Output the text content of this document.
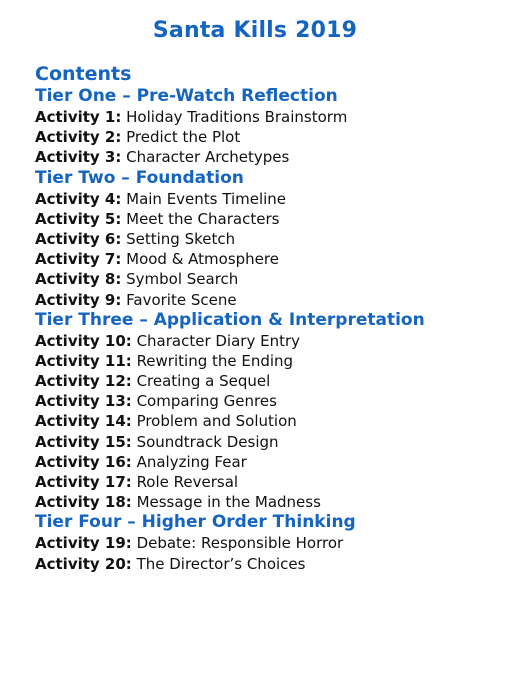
Santa Kills 2019
Contents
Tier One – Pre-Watch Reflection
Activity 1: Holiday Traditions Brainstorm
Activity 2: Predict the Plot
Activity 3: Character Archetypes
Tier Two – Foundation
Activity 4: Main Events Timeline
Activity 5: Meet the Characters
Activity 6: Setting Sketch
Activity 7: Mood & Atmosphere
Activity 8: Symbol Search
Activity 9: Favorite Scene
Tier Three – Application & Interpretation
Activity 10: Character Diary Entry
Activity 11: Rewriting the Ending
Activity 12: Creating a Sequel
Activity 13: Comparing Genres
Activity 14: Problem and Solution
Activity 15: Soundtrack Design
Activity 16: Analyzing Fear
Activity 17: Role Reversal
Activity 18: Message in the Madness
Tier Four – Higher Order Thinking
Activity 19: Debate: Responsible Horror
Activity 20: The Director’s Choices
